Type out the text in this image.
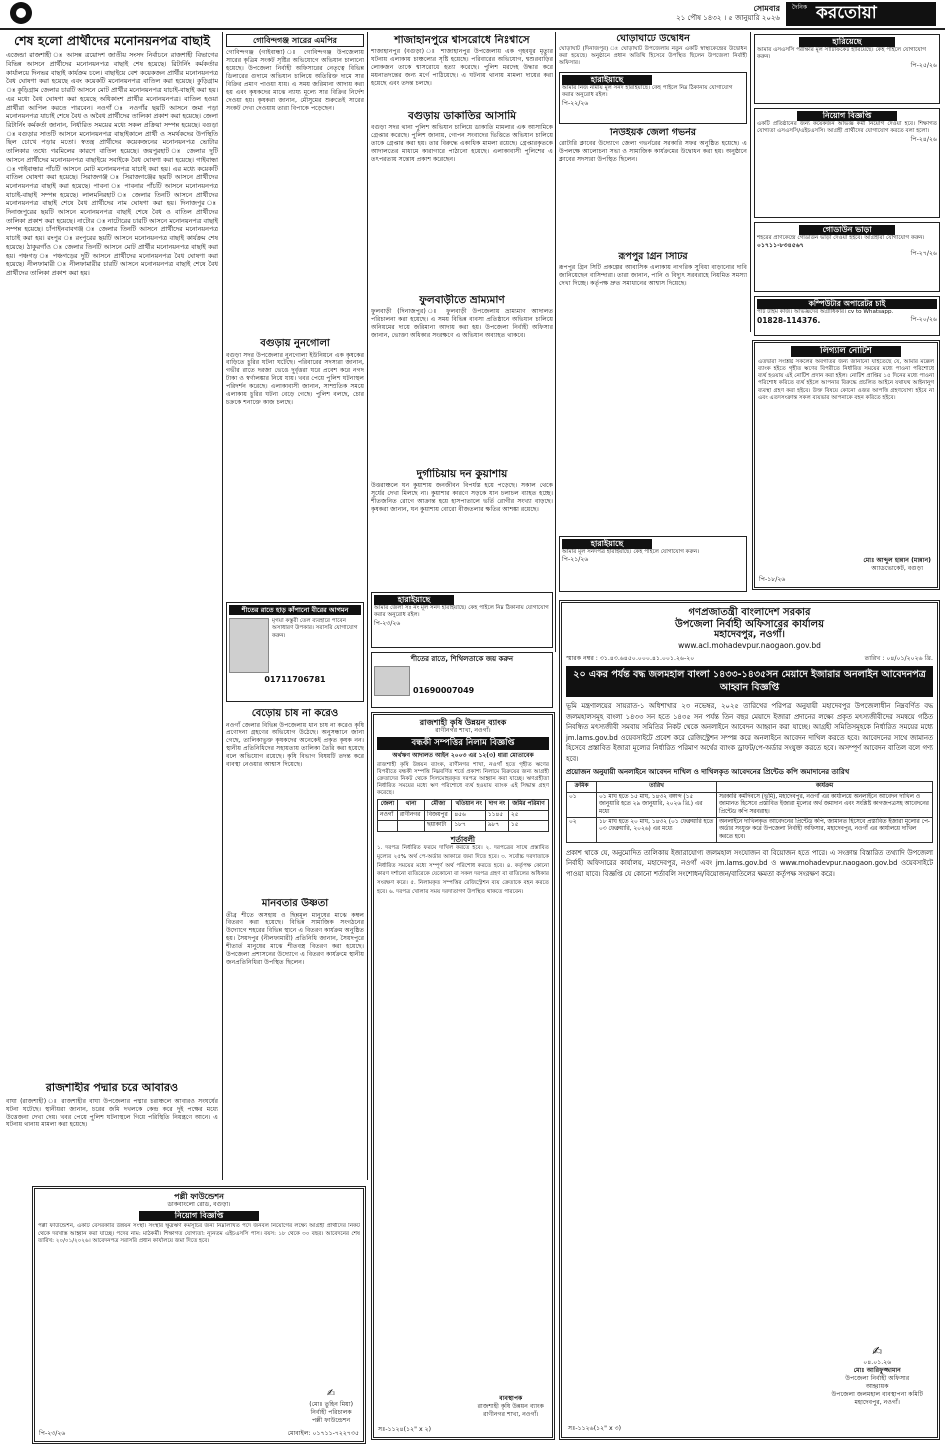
সোমবার
২১ পৌষ ১৪৩২ । ৫ জানুয়ারি ২০২৬
দৈনিক করতোয়া
শেষ হলো প্রার্থীদের মনোনয়নপত্র বাছাই
এজেন্ডা রাজশাহী ঃ আসন্ন ত্রয়োদশ জাতীয় সংসদ নির্বাচনে রাজশাহী বিভাগের বিভিন্ন আসনে প্রার্থীদের মনোনয়নপত্র বাছাই শেষ হয়েছে। রিটার্নিং কর্মকর্তার কার্যালয়ে দিনভর বাছাই কার্যক্রম চলে। বাছাইয়ে বেশ কয়েকজন প্রার্থীর মনোনয়নপত্র বৈধ ঘোষণা করা হয়েছে এবং কয়েকটি মনোনয়নপত্র বাতিল করা হয়েছে। কুড়িগ্রাম ঃ কুড়িগ্রাম জেলার চারটি আসনে মোট প্রার্থীর মনোনয়নপত্র যাচাই-বাছাই করা হয়। এর মধ্যে বৈধ ঘোষণা করা হয়েছে অধিকাংশ প্রার্থীর মনোনয়নপত্র। বাতিল হওয়া প্রার্থীরা আপিল করতে পারবেন। নওগাঁ ঃ নওগাঁর ছয়টি আসনে জমা পড়া মনোনয়নপত্র যাচাই শেষে বৈধ ও অবৈধ প্রার্থীদের তালিকা প্রকাশ করা হয়েছে। জেলা রিটার্নিং কর্মকর্তা জানান, নির্ধারিত সময়ের মধ্যে সকল প্রক্রিয়া সম্পন্ন হয়েছে। বগুড়া ঃ বগুড়ার সাতটি আসনে মনোনয়নপত্র বাছাইকালে প্রার্থী ও সমর্থকদের উপস্থিতি ছিল চোখে পড়ার মতো। স্বতন্ত্র প্রার্থীদের কয়েকজনের মনোনয়নপত্র ভোটার তালিকার তথ্যে গরমিলের কারণে বাতিল হয়েছে। জয়পুরহাট ঃ জেলার দুটি আসনে প্রার্থীদের মনোনয়নপত্র বাছাইয়ে সবাইকে বৈধ ঘোষণা করা হয়েছে। গাইবান্ধা ঃ গাইবান্ধার পাঁচটি আসনে মোট মনোনয়নপত্র যাচাই করা হয়। এর মধ্যে কয়েকটি বাতিল ঘোষণা করা হয়েছে। সিরাজগঞ্জ ঃ সিরাজগঞ্জের ছয়টি আসনে প্রার্থীদের মনোনয়নপত্র বাছাই করা হয়েছে। পাবনা ঃ পাবনার পাঁচটি আসনে মনোনয়নপত্র যাচাই-বাছাই সম্পন্ন হয়েছে। লালমনিরহাট ঃ জেলার তিনটি আসনে প্রার্থীদের মনোনয়নপত্র বাছাই শেষে বৈধ প্রার্থীদের নাম ঘোষণা করা হয়। দিনাজপুর ঃ দিনাজপুরের ছয়টি আসনে মনোনয়নপত্র বাছাই শেষে বৈধ ও বাতিল প্রার্থীদের তালিকা প্রকাশ করা হয়েছে। নাটোর ঃ নাটোরের চারটি আসনে মনোনয়নপত্র বাছাই সম্পন্ন হয়েছে। চাঁপাইনবাবগঞ্জ ঃ জেলার তিনটি আসনে প্রার্থীদের মনোনয়নপত্র যাচাই করা হয়। রংপুর ঃ রংপুরের ছয়টি আসনে মনোনয়নপত্র বাছাই কার্যক্রম শেষ হয়েছে। ঠাকুরগাঁও ঃ জেলার তিনটি আসনে মোট প্রার্থীর মনোনয়নপত্র বাছাই করা হয়। পঞ্চগড় ঃ পঞ্চগড়ের দুটি আসনে প্রার্থীদের মনোনয়নপত্র বৈধ ঘোষণা করা হয়েছে। নীলফামারী ঃ নীলফামারীর চারটি আসনে মনোনয়নপত্র বাছাই শেষে বৈধ প্রার্থীদের তালিকা প্রকাশ করা হয়।
রাজশাহীর পদ্মার চরে আবারও
বাঘা (রাজশাহী) ঃ রাজশাহীর বাঘা উপজেলার পদ্মার চরাঞ্চলে আবারও সংঘর্ষের ঘটনা ঘটেছে। স্থানীয়রা জানান, চরের জমি দখলকে কেন্দ্র করে দুই পক্ষের মধ্যে উত্তেজনা দেখা দেয়। খবর পেয়ে পুলিশ ঘটনাস্থলে গিয়ে পরিস্থিতি নিয়ন্ত্রণে আনে। এ ঘটনায় থানায় মামলা করা হয়েছে।
পল্লী ফাউন্ডেশন
ডাকবাংলো রোড, বগুড়া।
নিয়োগ বিজ্ঞপ্তি
পল্লী ফাউন্ডেশন, একটি বেসরকারি উন্নয়ন সংস্থা। সংস্থার ক্ষুদ্রঋণ কর্মসূচির জন্য নিম্নলিখিত পদে জনবল নিয়োগের লক্ষ্যে আগ্রহী প্রার্থীদের নিকট থেকে দরখাস্ত আহ্বান করা যাচ্ছে। পদের নাম: মাঠকর্মী। শিক্ষাগত যোগ্যতা: ন্যূনতম এইচএসসি পাস। বয়স: ১৮ থেকে ৩০ বছর। আবেদনের শেষ তারিখ: ২০/০১/২০২৬। আবেদনপত্র সরাসরি প্রধান কার্যালয়ে জমা দিতে হবে।
✍
(মোঃ তুহিন মিয়া)
নির্বাহী পরিচালক
পল্লী ফাউন্ডেশন
পি-২৩/২৬	মোবাইল: ০১৭১১-৭২২৭৩৫
গোবিন্দগঞ্জ সারের এমপির
গোবিন্দগঞ্জ (গাইবান্ধা) ঃ গোবিন্দগঞ্জ উপজেলায় সারের কৃত্রিম সংকট সৃষ্টির অভিযোগে অভিযান চালানো হয়েছে। উপজেলা নির্বাহী অফিসারের নেতৃত্বে বিভিন্ন ডিলারের গুদামে অভিযান চালিয়ে অতিরিক্ত দামে সার বিক্রির প্রমাণ পাওয়া যায়। এ সময় জরিমানা আদায় করা হয় এবং কৃষকদের মাঝে ন্যায্য মূল্যে সার বিক্রির নির্দেশ দেওয়া হয়। কৃষকরা জানান, মৌসুমের শুরুতেই সারের সংকট দেখা দেওয়ায় তারা বিপাকে পড়েছেন।
বগুড়ায় নুনগোলা
বগুড়া সদর উপজেলার নুনগোলা ইউনিয়নে এক কৃষকের বাড়িতে চুরির ঘটনা ঘটেছে। পরিবারের সদস্যরা জানান, গভীর রাতে দরজা ভেঙে দুর্বৃত্তরা ঘরে প্রবেশ করে নগদ টাকা ও স্বর্ণালঙ্কার নিয়ে যায়। খবর পেয়ে পুলিশ ঘটনাস্থল পরিদর্শন করেছে। এলাকাবাসী জানান, সাম্প্রতিক সময়ে এলাকায় চুরির ঘটনা বেড়ে গেছে। পুলিশ বলছে, চোর চক্রকে শনাক্তে কাজ চলছে।
শীতের রাতে হাড় কাঁপানো বীরের আগমন
মৃগয়া কস্তুরী তেল ব্যবহারে পাবেন অসাধারণ উপকার। সরাসরি যোগাযোগ করুন।
01711706781
বেড়োয় চাষ না করেও
নওগাঁ জেলার বিভিন্ন উপজেলায় ধান চাষ না করেও কৃষি প্রণোদনা গ্রহণের অভিযোগ উঠেছে। অনুসন্ধানে জানা গেছে, তালিকাভুক্ত কৃষকদের অনেকেই প্রকৃত কৃষক নন। স্থানীয় প্রতিনিধিদের সহায়তায় তালিকা তৈরি করা হয়েছে বলে অভিযোগ রয়েছে। কৃষি বিভাগ বিষয়টি তদন্ত করে ব্যবস্থা নেওয়ার আশ্বাস দিয়েছে।
মানবতার উষ্ণতা
তীব্র শীতে অসহায় ও ছিন্নমূল মানুষের মাঝে কম্বল বিতরণ করা হয়েছে। বিভিন্ন সামাজিক সংগঠনের উদ্যোগে শহরের বিভিন্ন স্থানে এ বিতরণ কার্যক্রম অনুষ্ঠিত হয়। সৈয়দপুর (নীলফামারী) প্রতিনিধি জানান, সৈয়দপুরে শীতার্ত মানুষের মাঝে শীতবস্ত্র বিতরণ করা হয়েছে। উপজেলা প্রশাসনের উদ্যোগে এ বিতরণ কার্যক্রমে স্থানীয় জনপ্রতিনিধিরা উপস্থিত ছিলেন।
শাজাহানপুরে শ্বাসরোধে নিঃশ্বাসে
শাজাহানপুর (বগুড়া) ঃ শাজাহানপুর উপজেলায় এক গৃহবধূর মৃত্যুর ঘটনায় এলাকায় চাঞ্চল্যের সৃষ্টি হয়েছে। পরিবারের অভিযোগ, শ্বশুরবাড়ির লোকজন তাকে শ্বাসরোধে হত্যা করেছে। পুলিশ মরদেহ উদ্ধার করে ময়নাতদন্তের জন্য মর্গে পাঠিয়েছে। এ ঘটনায় থানায় মামলা দায়ের করা হয়েছে এবং তদন্ত চলছে।
বগুড়ায় ডাকাতির আসামি
বগুড়া সদর থানা পুলিশ অভিযান চালিয়ে ডাকাতি মামলার এক আসামিকে গ্রেপ্তার করেছে। পুলিশ জানায়, গোপন সংবাদের ভিত্তিতে অভিযান চালিয়ে তাকে গ্রেপ্তার করা হয়। তার বিরুদ্ধে একাধিক মামলা রয়েছে। গ্রেপ্তারকৃতকে আদালতের মাধ্যমে কারাগারে পাঠানো হয়েছে। এলাকাবাসী পুলিশের এ তৎপরতায় সন্তোষ প্রকাশ করেছেন।
ফুলবাড়ীতে ভ্রাম্যমাণ
ফুলবাড়ী (দিনাজপুর) ঃ ফুলবাড়ী উপজেলায় ভ্রাম্যমাণ আদালত পরিচালনা করা হয়েছে। এ সময় বিভিন্ন ব্যবসা প্রতিষ্ঠানে অভিযান চালিয়ে অনিয়মের দায়ে জরিমানা আদায় করা হয়। উপজেলা নির্বাহী অফিসার জানান, ভোক্তা অধিকার সংরক্ষণে এ অভিযান অব্যাহত থাকবে।
দুর্গাচিয়ায় দন কুয়াশায়
উত্তরাঞ্চলে ঘন কুয়াশায় জনজীবন বিপর্যস্ত হয়ে পড়েছে। সকাল থেকে সূর্যের দেখা মিলছে না। কুয়াশার কারণে সড়কে যান চলাচল ব্যাহত হচ্ছে। শীতজনিত রোগে আক্রান্ত হয়ে হাসপাতালে ভর্তি রোগীর সংখ্যা বাড়ছে। কৃষকরা জানান, ঘন কুয়াশায় বোরো বীজতলার ক্ষতির আশঙ্কা রয়েছে।
হারাইয়াছে
আমার জেলা সঃ নং মূল সনদ হারাইয়াছে। কেহ পাইলে নিম্ন ঠিকানায় যোগাযোগ করার অনুরোধ রইল।
পি-২৩/২৬
শীতের রাতে, শিথিলতাকে জয় করুন
01690007049
রাজশাহী কৃষি উন্নয়ন ব্যাংক
রাণীনগর শাখা, নওগাঁ।
বন্ধকী সম্পত্তির নিলাম বিজ্ঞপ্তি
অর্থঋণ আদালত আইন ২০০৩ এর ১২(৩) ধারা মোতাবেক
রাজশাহী কৃষি উন্নয়ন ব্যাংক, রাণীনগর শাখা, নওগাঁ হতে গৃহীত ঋণের বিপরীতে বন্ধকী সম্পত্তি নিম্নবর্ণিত শর্তে প্রকাশ্য নিলামে বিক্রয়ের জন্য আগ্রহী ক্রেতাদের নিকট থেকে সিলমোহরকৃত দরপত্র আহ্বান করা যাচ্ছে। ঋণগ্রহীতা নির্ধারিত সময়ের মধ্যে ঋণ পরিশোধে ব্যর্থ হওয়ায় ব্যাংক এই সিদ্ধান্ত গ্রহণ করেছে।
জেলা	থানা	মৌজা	খতিয়ান নং	দাগ নং	জমির পরিমাণ
নওগাঁ	রাণীনগর	বিজয়পুর	৪৫৬	১১৪৫	২৫
		ছয়াকাটা	১৮৭	৯৮৭	১৫
শর্তাবলী
১. দরপত্র নির্ধারিত ফরমে দাখিল করতে হবে। ২. দরপত্রের সাথে প্রস্তাবিত মূল্যের ২৫% অর্থ পে-অর্ডার আকারে জমা দিতে হবে। ৩. সর্বোচ্চ দরদাতাকে নির্ধারিত সময়ের মধ্যে সম্পূর্ণ অর্থ পরিশোধ করতে হবে। ৪. কর্তৃপক্ষ কোনো কারণ দর্শানো ব্যতিরেকে যেকোনো বা সকল দরপত্র গ্রহণ বা বাতিলের অধিকার সংরক্ষণ করে। ৫. নিলামকৃত সম্পত্তির রেজিস্ট্রেশন ব্যয় ক্রেতাকে বহন করতে হবে। ৬. দরপত্র খোলার সময় দরদাতাগণ উপস্থিত থাকতে পারবেন।
ব্যবস্থাপক
রাজশাহী কৃষি উন্নয়ন ব্যাংক
রাণীনগর শাখা, নওগাঁ।
সঃ-১১২৪(১২" x ২)
ঘোড়াঘাটে উদ্বোধন
ঘোড়াঘাট (দিনাজপুর) ঃ ঘোড়াঘাট উপজেলায় নতুন একটি স্বাস্থ্যকেন্দ্রের উদ্বোধন করা হয়েছে। অনুষ্ঠানে প্রধান অতিথি হিসেবে উপস্থিত ছিলেন উপজেলা নির্বাহী অফিসার।
হারাইয়াছে
আমার নিজ নামীয় মূল সনদ হারাইয়াছে। কেহ পাইলে নিম্ন ঠিকানায় যোগাযোগ করার অনুরোধ রইল।
পি-২২/২৬
নিউইয়র্ক জেলা গভর্নর
রোটারি ক্লাবের উদ্যোগে জেলা গভর্নরের সরকারি সফর অনুষ্ঠিত হয়েছে। এ উপলক্ষে আলোচনা সভা ও সামাজিক কার্যক্রমের উদ্বোধন করা হয়। অনুষ্ঠানে ক্লাবের সদস্যরা উপস্থিত ছিলেন।
রূপপুর গ্রিন সিটির
রূপপুর গ্রিন সিটি প্রকল্পের আবাসিক এলাকায় নাগরিক সুবিধা বাড়ানোর দাবি জানিয়েছেন বাসিন্দারা। তারা জানান, পানি ও বিদ্যুৎ সরবরাহে নিয়মিত সমস্যা দেখা দিচ্ছে। কর্তৃপক্ষ দ্রুত সমাধানের আশ্বাস দিয়েছে।
হারাইয়াছে
আমার মূল সনদপত্র হারাইয়াছে। কেহ পাইলে যোগাযোগ করুন।
পি-২১/২৬
হারিয়েছে
আমার এসএসসি পরীক্ষার মূল সার্টিফিকেট হারিয়েছে। কেহ পাইলে যোগাযোগ করুন।
পি-২৫/২৬
নিয়োগ বিজ্ঞপ্তি
একটি প্রতিষ্ঠানের জন্য কয়েকজন অভিজ্ঞ কর্মী নিয়োগ দেওয়া হবে। শিক্ষাগত যোগ্যতা এসএসসি/এইচএসসি। আগ্রহী প্রার্থীদের যোগাযোগ করতে বলা হলো।
পি-২৪/২৬
গোডাউন ভাড়া
শহরের প্রাণকেন্দ্রে গোডাউন ভাড়া দেওয়া হইবে। আগ্রহীরা যোগাযোগ করুন।
০১৭১১-৮৩৪৫৬৭
পি-২৭/২৬
কম্পিউটার অপারেটর চাই
পার্ট টাইম কাজ। অভিজ্ঞদের অগ্রাধিকার। cv to Whatsapp.
01828-114376.	পি-২০/২৬
লিগ্যাল নোটিশ
এতদ্বারা সংশ্লিষ্ট সকলের অবগতির জন্য জানানো যাইতেছে যে, আমার মক্কেল ব্যাংক হইতে গৃহীত ঋণের বিপরীতে নির্ধারিত সময়ের মধ্যে পাওনা পরিশোধে ব্যর্থ হওয়ায় এই নোটিশ প্রদান করা হইল। নোটিশ প্রাপ্তির ১৫ দিনের মধ্যে পাওনা পরিশোধ করিতে ব্যর্থ হইলে আপনার বিরুদ্ধে প্রচলিত আইনে যথাযথ আইনানুগ ব্যবস্থা গ্রহণ করা হইবে। উক্ত বিষয়ে কোনো ওজর আপত্তি গ্রহণযোগ্য হইবে না এবং এতদসংক্রান্ত সকল ব্যয়ভার আপনাকে বহন করিতে হইবে।
মোঃ আব্দুল হান্নান (মান্নান)
অ্যাডভোকেট, বগুড়া
পি-১৮/২৬
গণপ্রজাতন্ত্রী বাংলাদেশ সরকার
উপজেলা নির্বাহী অফিসারের কার্যালয়
মহাদেবপুর, নওগাঁ।
www.acl.mohadevpur.naogaon.gov.bd
স্মারক নম্বর : ৩১.৪৩.৬৪৫০.০০০.৪১.০০১.২৬-২০	তারিখ : ০৪/০১/২০২৬ খ্রি.
২০ একর পর্যন্ত বদ্ধ জলমহাল বাংলা ১৪৩৩-১৪৩৫সন মেয়াদে ইজারার অনলাইন আবেদনপত্র আহ্বান বিজ্ঞপ্তি
ভূমি মন্ত্রণালয়ের সায়রাত-১ অধিশাখার ২৩ নভেম্বর, ২০২৫ তারিখের পরিপত্র অনুযায়ী মহাদেবপুর উপজেলাধীন নিম্নবর্ণিত বদ্ধ জলমহালসমূহ বাংলা ১৪৩৩ সন হতে ১৪৩৫ সন পর্যন্ত তিন বছর মেয়াদে ইজারা প্রদানের লক্ষ্যে প্রকৃত মৎস্যজীবীদের সমন্বয়ে গঠিত নিবন্ধিত মৎস্যজীবী সমবায় সমিতির নিকট থেকে অনলাইনে আবেদন আহ্বান করা যাচ্ছে। আগ্রহী সমিতিসমূহকে নির্ধারিত সময়ের মধ্যে jm.lams.gov.bd ওয়েবসাইটে প্রবেশ করে রেজিস্ট্রেশন সম্পন্ন করে অনলাইনে আবেদন দাখিল করতে হবে। আবেদনের সাথে জামানত হিসেবে প্রস্তাবিত ইজারা মূল্যের নির্ধারিত পরিমাণ অর্থের ব্যাংক ড্রাফট/পে-অর্ডার সংযুক্ত করতে হবে। অসম্পূর্ণ আবেদন বাতিল বলে গণ্য হবে।
প্রয়োজন অনুযায়ী অনলাইনে আবেদন দাখিল ও দাখিলকৃত আবেদনের প্রিন্টেড কপি জমাদানের তারিখ
ক্রমিক	তারিখ	কার্যক্রম
০১	০১ মাঘ হতে ১৫ মাঘ, ১৪৩২ বঙ্গাব্দ (১৫ জানুয়ারি হতে ২৯ জানুয়ারি, ২০২৬ খ্রি.) এর মধ্যে	সরকারি কর্মদিবসে (ভূমি), মহাদেবপুর, নওগাঁ এর কার্যালয়ে অনলাইনে আবেদন দাখিল ও জামানত হিসেবে প্রস্তাবিত ইজারা মূল্যের অর্থ জমাদান এবং সংশ্লিষ্ট কাগজপত্রসহ আবেদনের প্রিন্টেড কপি সরবরাহ।
০২	১৮ মাঘ হতে ২০ মাঘ, ১৪৩২ (০১ ফেব্রুয়ারি হতে ০৩ ফেব্রুয়ারি, ২০২৬) এর মধ্যে	অনলাইনে দাখিলকৃত আবেদনের প্রিন্টেড কপি, জামানত হিসেবে প্রস্তাবিত ইজারা মূল্যের পে-অর্ডার সংযুক্ত করে উপজেলা নির্বাহী অফিসার, মহাদেবপুর, নওগাঁ এর কার্যালয়ে দাখিল করতে হবে।
প্রকাশ থাকে যে, অনুমোদিত তালিকায় ইজারাযোগ্য জলমহাল সংযোজন বা বিয়োজন হতে পারে। এ সংক্রান্ত বিস্তারিত তথ্যাদি উপজেলা নির্বাহী অফিসারের কার্যালয়, মহাদেবপুর, নওগাঁ এবং jm.lams.gov.bd ও www.mohadevpur.naogaon.gov.bd ওয়েবসাইটে পাওয়া যাবে। বিজ্ঞপ্তি যে কোনো শর্তাবলি সংশোধন/বিয়োজন/বাতিলের ক্ষমতা কর্তৃপক্ষ সংরক্ষণ করে।
✍
০৪.০১.২৬
মোঃ আরিফুজ্জামান
উপজেলা নির্বাহী অফিসার
আহ্বায়ক
উপজেলা জলমহাল ব্যবস্থাপনা কমিটি
মহাদেবপুর, নওগাঁ।
সঃ-১১২৬(১২" x ৩)
